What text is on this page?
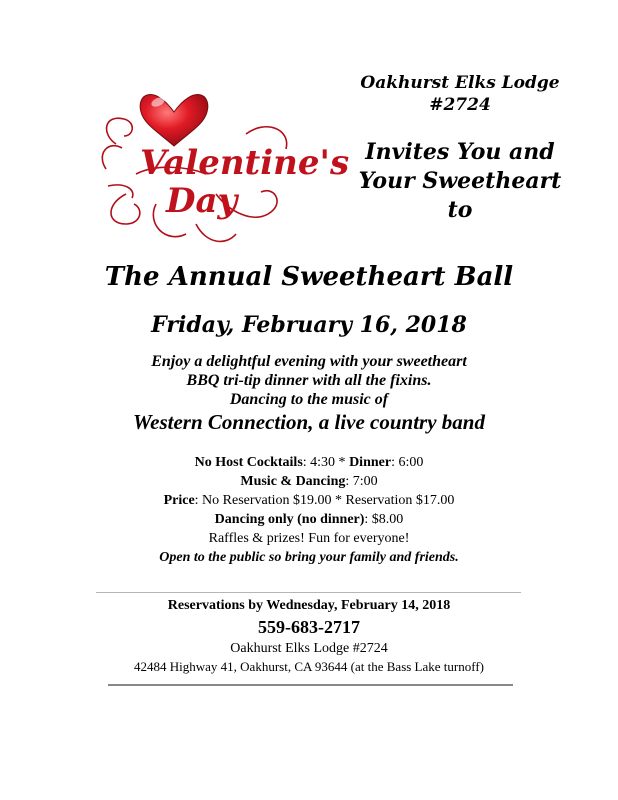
Valentine's
Day
Oakhurst Elks Lodge
#2724
Invites You and
Your Sweetheart
to
The Annual Sweetheart Ball
Friday, February 16, 2018
Enjoy a delightful evening with your sweetheart
BBQ tri-tip dinner with all the fixins.
Dancing to the music of
Western Connection, a live country band
No Host Cocktails: 4:30 * Dinner: 6:00
Music & Dancing: 7:00
Price: No Reservation $19.00 * Reservation $17.00
Dancing only (no dinner): $8.00
Raffles & prizes! Fun for everyone!
Open to the public so bring your family and friends.
Reservations by Wednesday, February 14, 2018
559-683-2717
Oakhurst Elks Lodge #2724
42484 Highway 41, Oakhurst, CA 93644 (at the Bass Lake turnoff)
